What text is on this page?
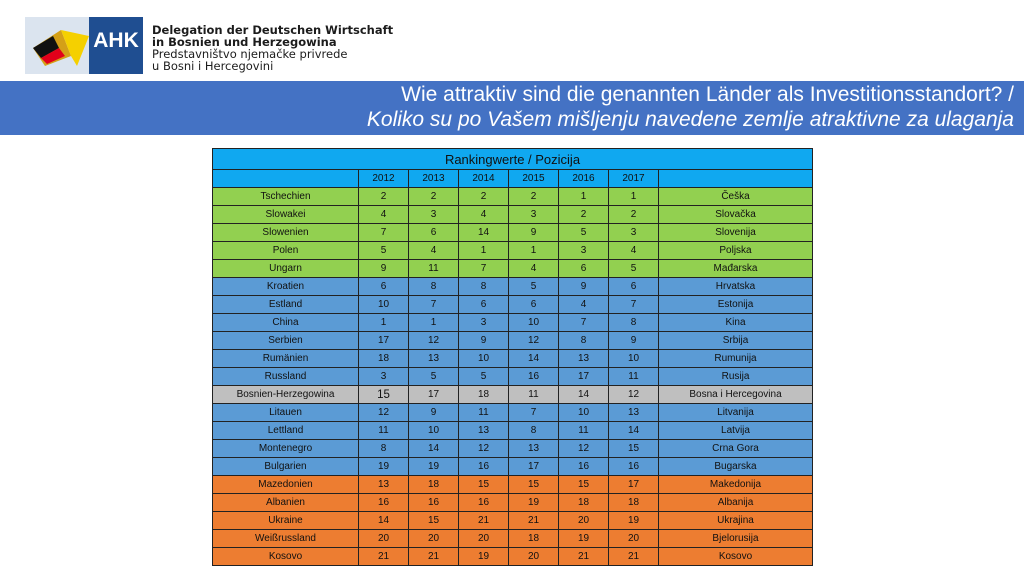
AHK	Delegation der Deutschen Wirtschaft
in Bosnien und Herzegowina
Predstavništvo njemačke privrede
u Bosni i Hercegovini
Wie attraktiv sind die genannten Länder als Investitionsstandort? /
Koliko su po Vašem mišljenju navedene zemlje atraktivne za ulaganja
Rankingwerte / Pozicija							
	2012	2013	2014	2015	2016	2017	
Tschechien	2	2	2	2	1	1	Češka
Slowakei	4	3	4	3	2	2	Slovačka
Slowenien	7	6	14	9	5	3	Slovenija
Polen	5	4	1	1	3	4	Poljska
Ungarn	9	11	7	4	6	5	Mađarska
Kroatien	6	8	8	5	9	6	Hrvatska
Estland	10	7	6	6	4	7	Estonija
China	1	1	3	10	7	8	Kina
Serbien	17	12	9	12	8	9	Srbija
Rumänien	18	13	10	14	13	10	Rumunija
Russland	3	5	5	16	17	11	Rusija
Bosnien-Herzegowina	15	17	18	11	14	12	Bosna i Hercegovina
Litauen	12	9	11	7	10	13	Litvanija
Lettland	11	10	13	8	11	14	Latvija
Montenegro	8	14	12	13	12	15	Crna Gora
Bulgarien	19	19	16	17	16	16	Bugarska
Mazedonien	13	18	15	15	15	17	Makedonija
Albanien	16	16	16	19	18	18	Albanija
Ukraine	14	15	21	21	20	19	Ukrajina
Weißrussland	20	20	20	18	19	20	Bjelorusija
Kosovo	21	21	19	20	21	21	Kosovo
